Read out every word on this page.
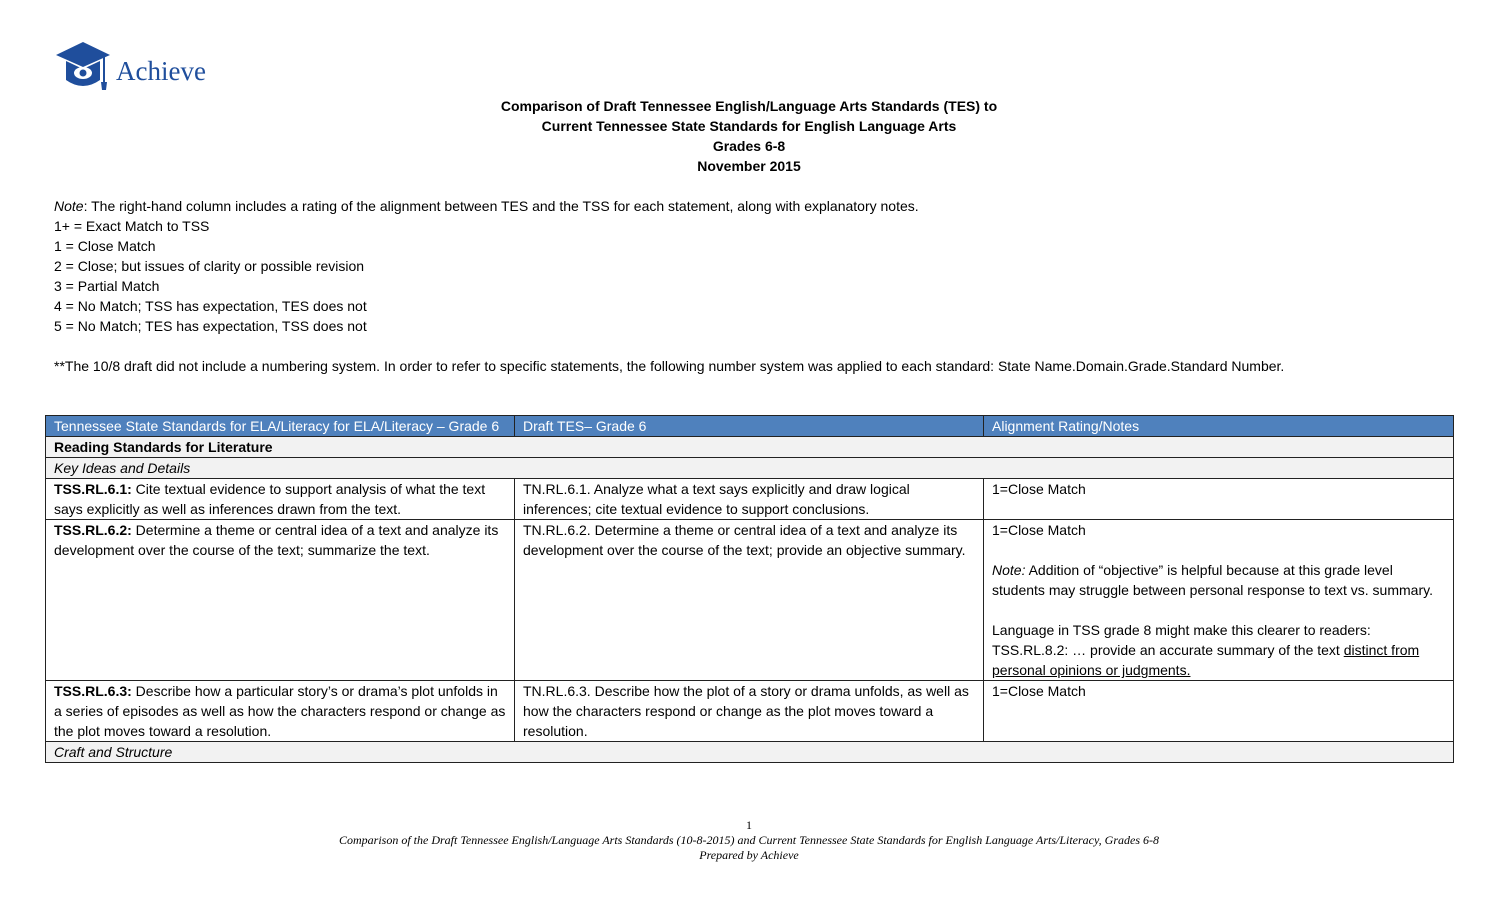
Achieve
Comparison of Draft Tennessee English/Language Arts Standards (TES) to
Current Tennessee State Standards for English Language Arts
Grades 6-8
November 2015
Note: The right-hand column includes a rating of the alignment between TES and the TSS for each statement, along with explanatory notes.
1+ = Exact Match to TSS
1 = Close Match
2 = Close; but issues of clarity or possible revision
3 = Partial Match
4 = No Match; TSS has expectation, TES does not
5 = No Match; TES has expectation, TSS does not
**The 10/8 draft did not include a numbering system. In order to refer to specific statements, the following number system was applied to each standard: State Name.Domain.Grade.Standard Number.
Tennessee State Standards for ELA/Literacy for ELA/Literacy – Grade 6	Draft TES– Grade 6	Alignment Rating/Notes
Reading Standards for Literature		
Key Ideas and Details		
TSS.RL.6.1: Cite textual evidence to support analysis of what the text says explicitly as well as inferences drawn from the text.	TN.RL.6.1. Analyze what a text says explicitly and draw logical inferences; cite textual evidence to support conclusions.	1=Close Match
TSS.RL.6.2: Determine a theme or central idea of a text and analyze its development over the course of the text; summarize the text.	TN.RL.6.2. Determine a theme or central idea of a text and analyze its development over the course of the text; provide an objective summary.	1=Close Match
Note: Addition of “objective” is helpful because at this grade level students may struggle between personal response to text vs. summary.
Language in TSS grade 8 might make this clearer to readers:
TSS.RL.8.2: … provide an accurate summary of the text distinct from personal opinions or judgments.

TSS.RL.6.3: Describe how a particular story’s or drama’s plot unfolds in a series of episodes as well as how the characters respond or change as the plot moves toward a resolution.	TN.RL.6.3. Describe how the plot of a story or drama unfolds, as well as how the characters respond or change as the plot moves toward a resolution.	1=Close Match
Craft and Structure		
1
Comparison of the Draft Tennessee English/Language Arts Standards (10-8-2015) and Current Tennessee State Standards for English Language Arts/Literacy, Grades 6-8
Prepared by Achieve
